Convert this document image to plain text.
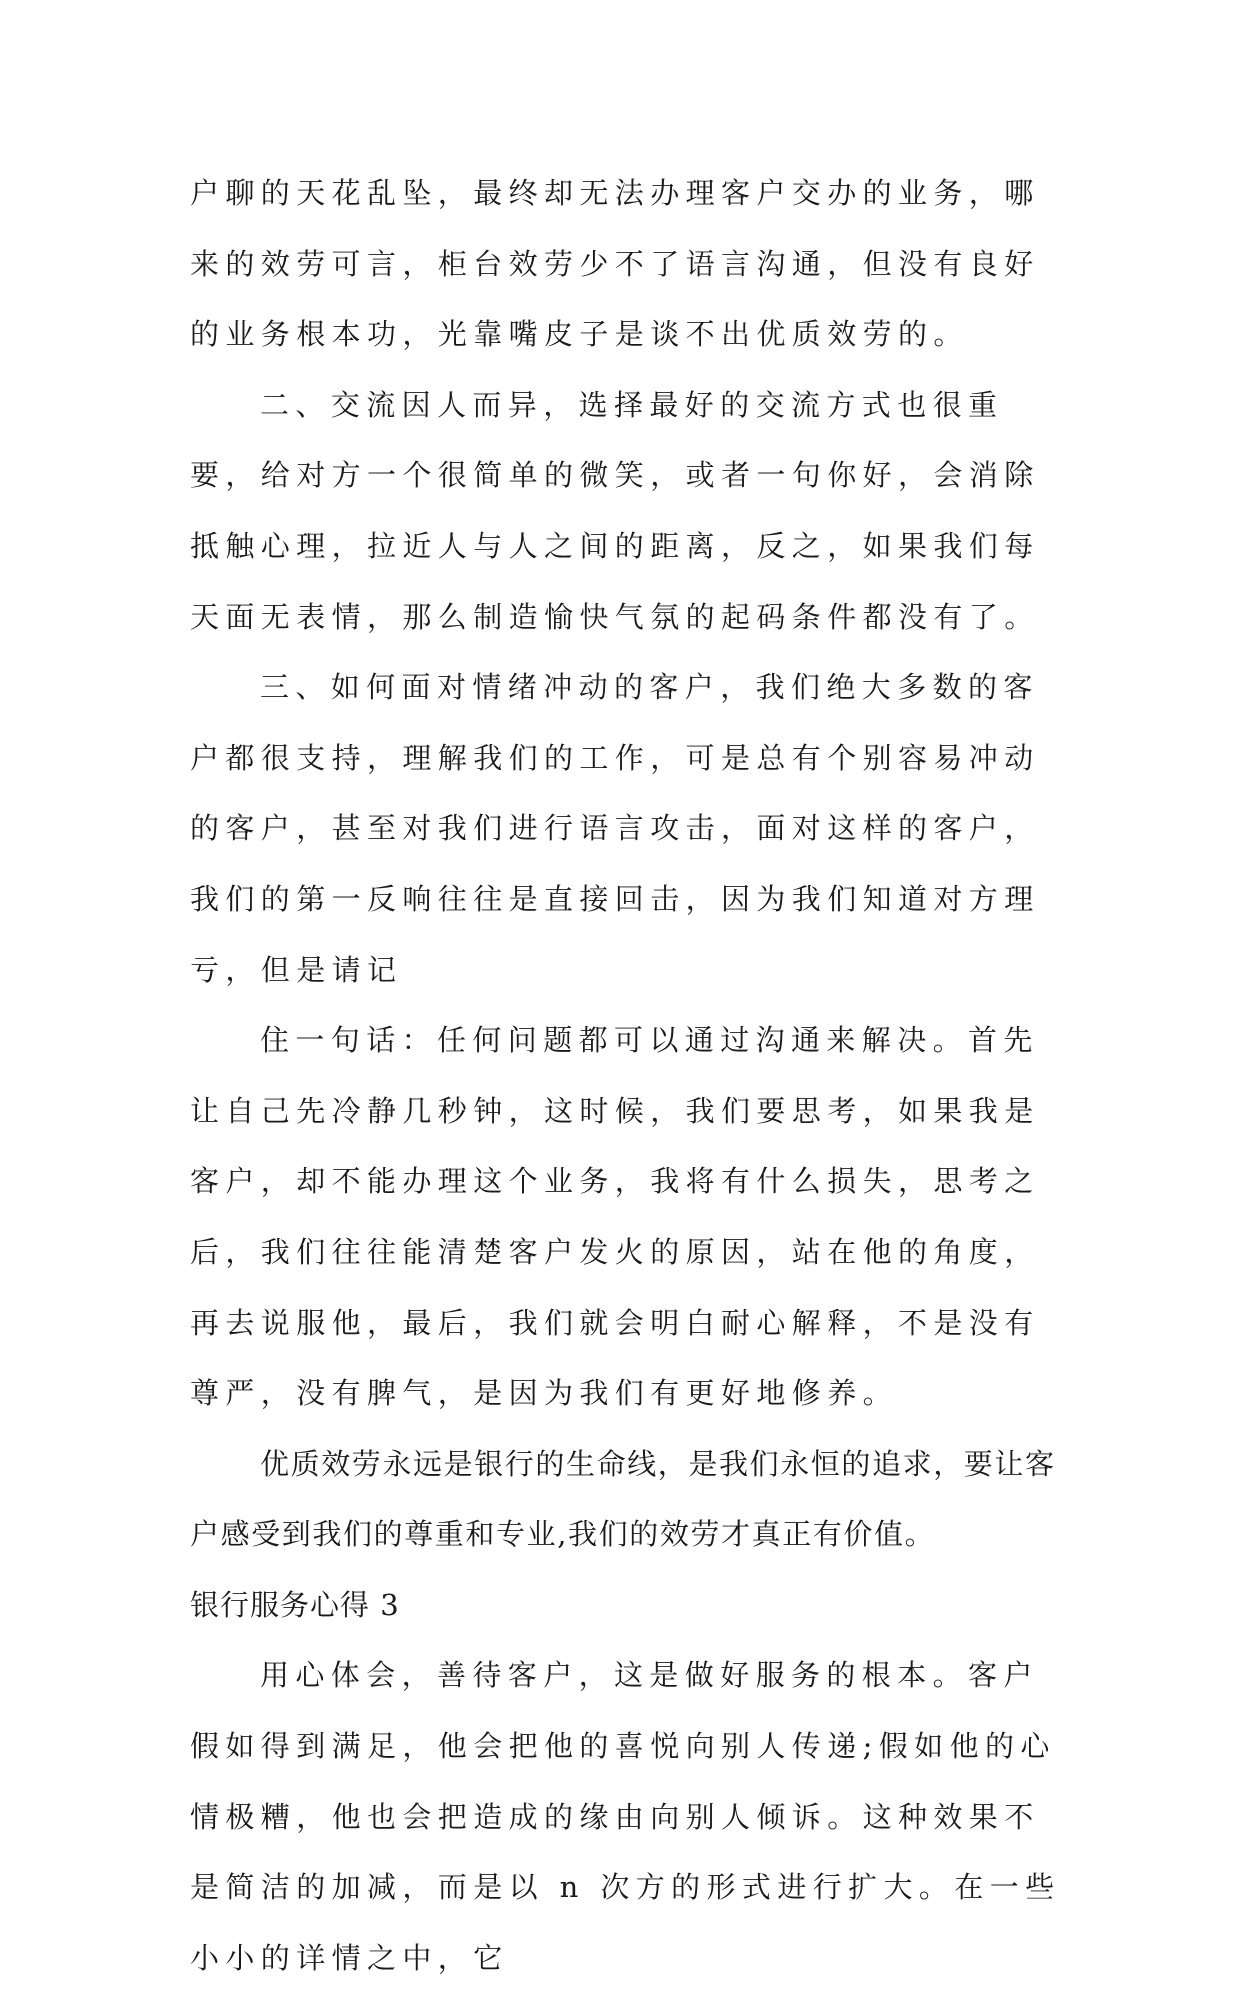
户聊的天花乱坠，最终却无法办理客户交办的业务，哪来的效劳可言，柜台效劳少不了语言沟通，但没有良好的业务根本功，光靠嘴皮子是谈不出优质效劳的。

二、交流因人而异，选择最好的交流方式也很重要，给对方一个很简单的微笑，或者一句你好，会消除抵触心理，拉近人与人之间的距离，反之，如果我们每天面无表情，那么制造愉快气氛的起码条件都没有了。

三、如何面对情绪冲动的客户，我们绝大多数的客户都很支持，理解我们的工作，可是总有个别容易冲动的客户，甚至对我们进行语言攻击，面对这样的客户，我们的第一反响往往是直接回击，因为我们知道对方理亏，但是请记

住一句话：任何问题都可以通过沟通来解决。首先让自己先冷静几秒钟，这时候，我们要思考，如果我是客户，却不能办理这个业务，我将有什么损失，思考之后，我们往往能清楚客户发火的原因，站在他的角度，再去说服他，最后，我们就会明白耐心解释，不是没有尊严，没有脾气，是因为我们有更好地修养。

优质效劳永远是银行的生命线，是我们永恒的追求，要让客户感受到我们的尊重和专业,我们的效劳才真正有价值。

银行服务心得 3

用心体会，善待客户，这是做好服务的根本。客户假如得到满足，他会把他的喜悦向别人传递;假如他的心情极糟，他也会把造成的缘由向别人倾诉。这种效果不是简洁的加减，而是以 n 次方的形式进行扩大。在一些小小的详情之中，它
